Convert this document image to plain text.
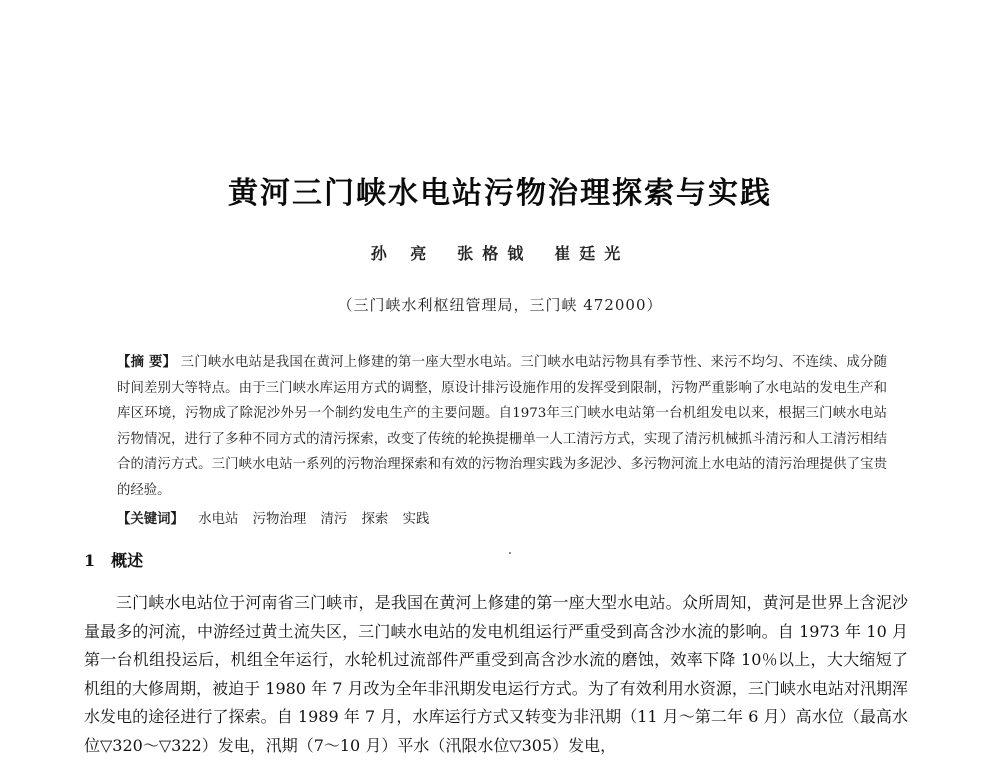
黄河三门峡水电站污物治理探索与实践
孙 亮 张格钺 崔廷光
（三门峡水利枢纽管理局，三门峡 472000）
【摘 要】 三门峡水电站是我国在黄河上修建的第一座大型水电站。三门峡水电站污物具有季节性、来污不均匀、不连续、成分随时间差别大等特点。由于三门峡水库运用方式的调整，原设计排污设施作用的发挥受到限制，污物严重影响了水电站的发电生产和库区环境，污物成了除泥沙外另一个制约发电生产的主要问题。自1973年三门峡水电站第一台机组发电以来，根据三门峡水电站污物情况，进行了多种不同方式的清污探索，改变了传统的轮换提栅单一人工清污方式，实现了清污机械抓斗清污和人工清污相结合的清污方式。三门峡水电站一系列的污物治理探索和有效的污物治理实践为多泥沙、多污物河流上水电站的清污治理提供了宝贵的经验。
【关键词】 水电站 污物治理 清污 探索 实践
1 概述

三门峡水电站位于河南省三门峡市，是我国在黄河上修建的第一座大型水电站。众所周知，黄河是世界上含泥沙量最多的河流，中游经过黄土流失区，三门峡水电站的发电机组运行严重受到高含沙水流的影响。自 1973 年 10 月第一台机组投运后，机组全年运行，水轮机过流部件严重受到高含沙水流的磨蚀，效率下降 10％以上，大大缩短了机组的大修周期，被迫于 1980 年 7 月改为全年非汛期发电运行方式。为了有效利用水资源，三门峡水电站对汛期浑水发电的途径进行了探索。自 1989 年 7 月，水库运行方式又转变为非汛期（11 月～第二年 6 月）高水位（最高水位▽320～▽322）发电，汛期（7～10 月）平水（汛限水位▽305）发电，
